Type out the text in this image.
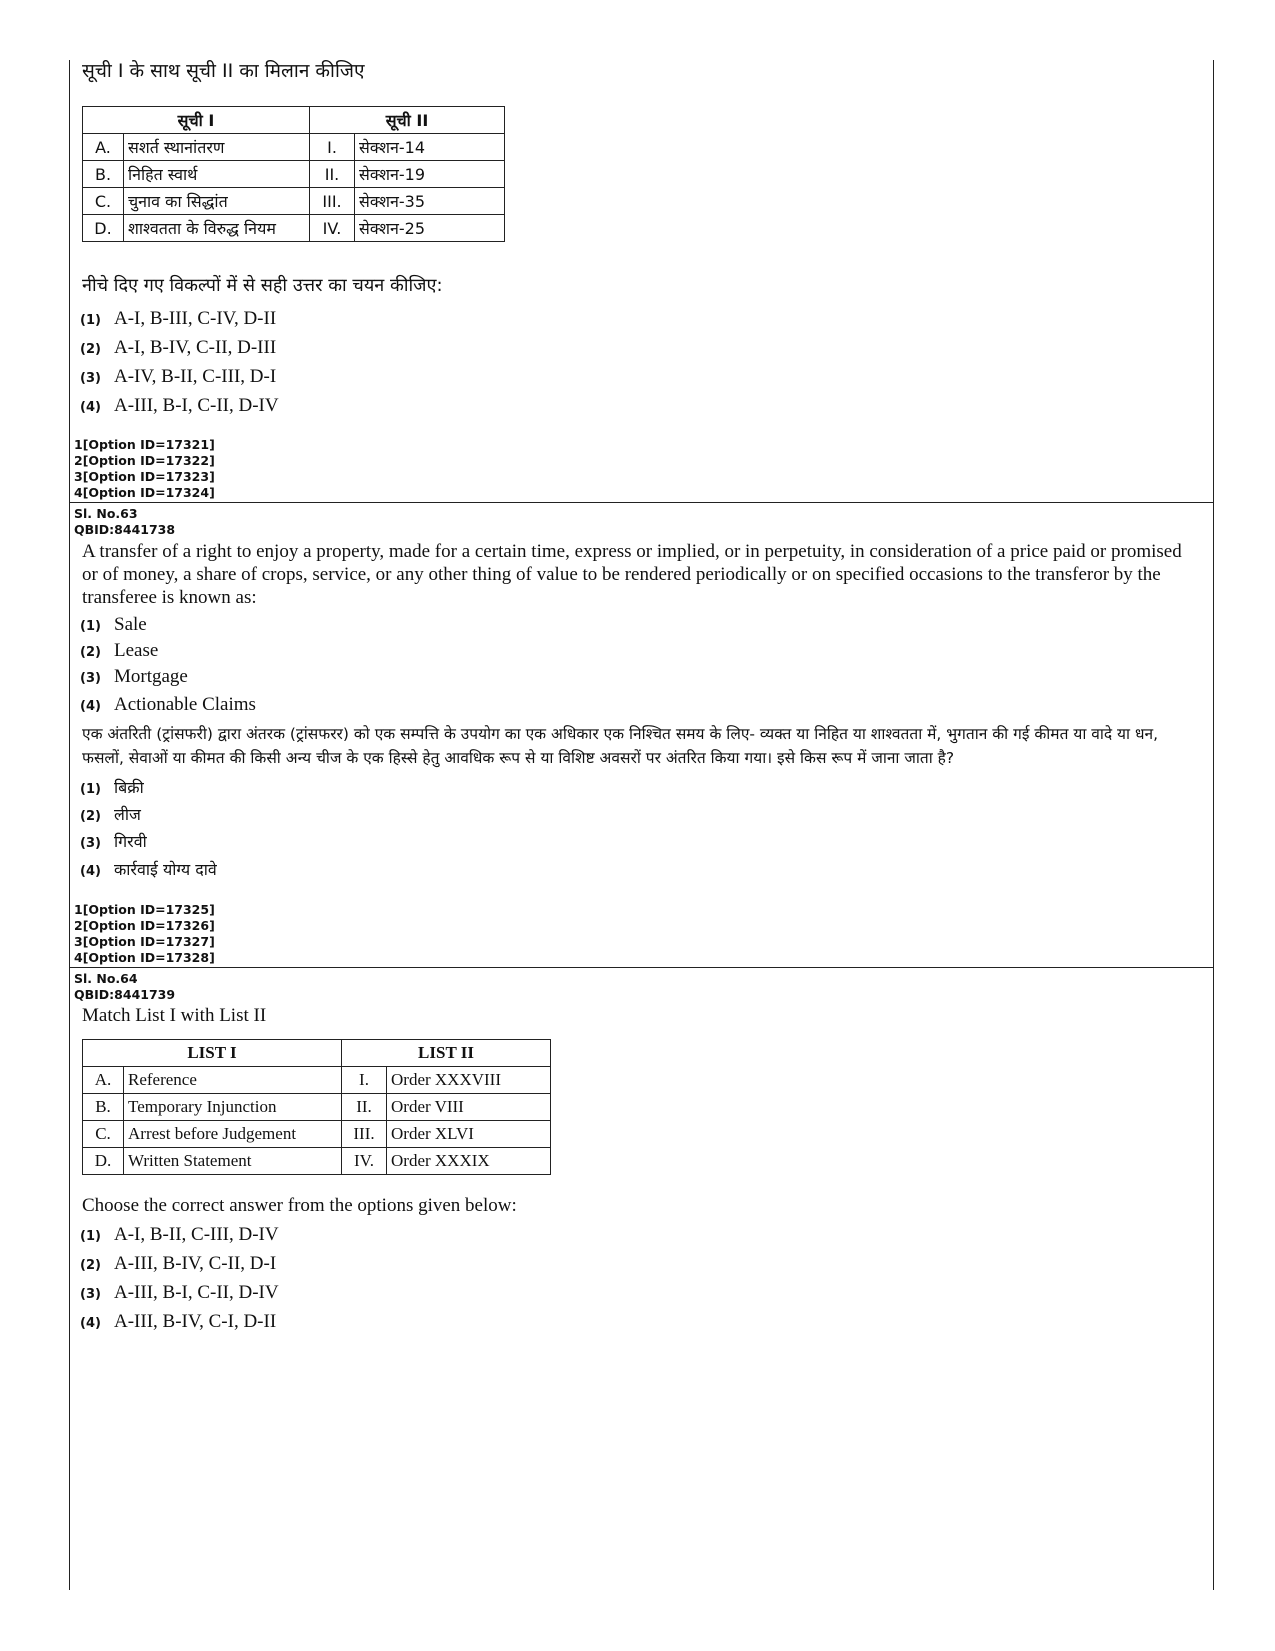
सूची I के साथ सूची II का मिलान कीजिए
सूची I		सूची II	
A.	सशर्त स्थानांतरण	I.	सेक्शन-14
B.	निहित स्वार्थ	II.	सेक्शन-19
C.	चुनाव का सिद्धांत	III.	सेक्शन-35
D.	शाश्वतता के विरुद्ध नियम	IV.	सेक्शन-25
नीचे दिए गए विकल्पों में से सही उत्तर का चयन कीजिए:
(1) A-I, B-III, C-IV, D-II
(2) A-I, B-IV, C-II, D-III
(3) A-IV, B-II, C-III, D-I
(4) A-III, B-I, C-II, D-IV
1[Option ID=17321]
2[Option ID=17322]
3[Option ID=17323]
4[Option ID=17324]
Sl. No.63
QBID:8441738
A transfer of a right to enjoy a property, made for a certain time, express or implied, or in perpetuity, in consideration of a price paid or promised or of money, a share of crops, service, or any other thing of value to be rendered periodically or on specified occasions to the transferor by the transferee is known as:
(1) Sale
(2) Lease
(3) Mortgage
(4) Actionable Claims
एक अंतरिती (ट्रांसफरी) द्वारा अंतरक (ट्रांसफरर) को एक सम्पत्ति के उपयोग का एक अधिकार एक निश्चित समय के लिए- व्यक्त या निहित या शाश्वतता में, भुगतान की गई कीमत या वादे या धन, फसलों, सेवाओं या कीमत की किसी अन्य चीज के एक हिस्से हेतु आवधिक रूप से या विशिष्ट अवसरों पर अंतरित किया गया। इसे किस रूप में जाना जाता है?
(1) बिक्री
(2) लीज
(3) गिरवी
(4) कार्रवाई योग्य दावे
1[Option ID=17325]
2[Option ID=17326]
3[Option ID=17327]
4[Option ID=17328]
Sl. No.64
QBID:8441739
Match List I with List II
LIST I		LIST II	
A.	Reference	I.	Order XXXVIII
B.	Temporary Injunction	II.	Order VIII
C.	Arrest before Judgement	III.	Order XLVI
D.	Written Statement	IV.	Order XXXIX
Choose the correct answer from the options given below:
(1) A-I, B-II, C-III, D-IV
(2) A-III, B-IV, C-II, D-I
(3) A-III, B-I, C-II, D-IV
(4) A-III, B-IV, C-I, D-II
